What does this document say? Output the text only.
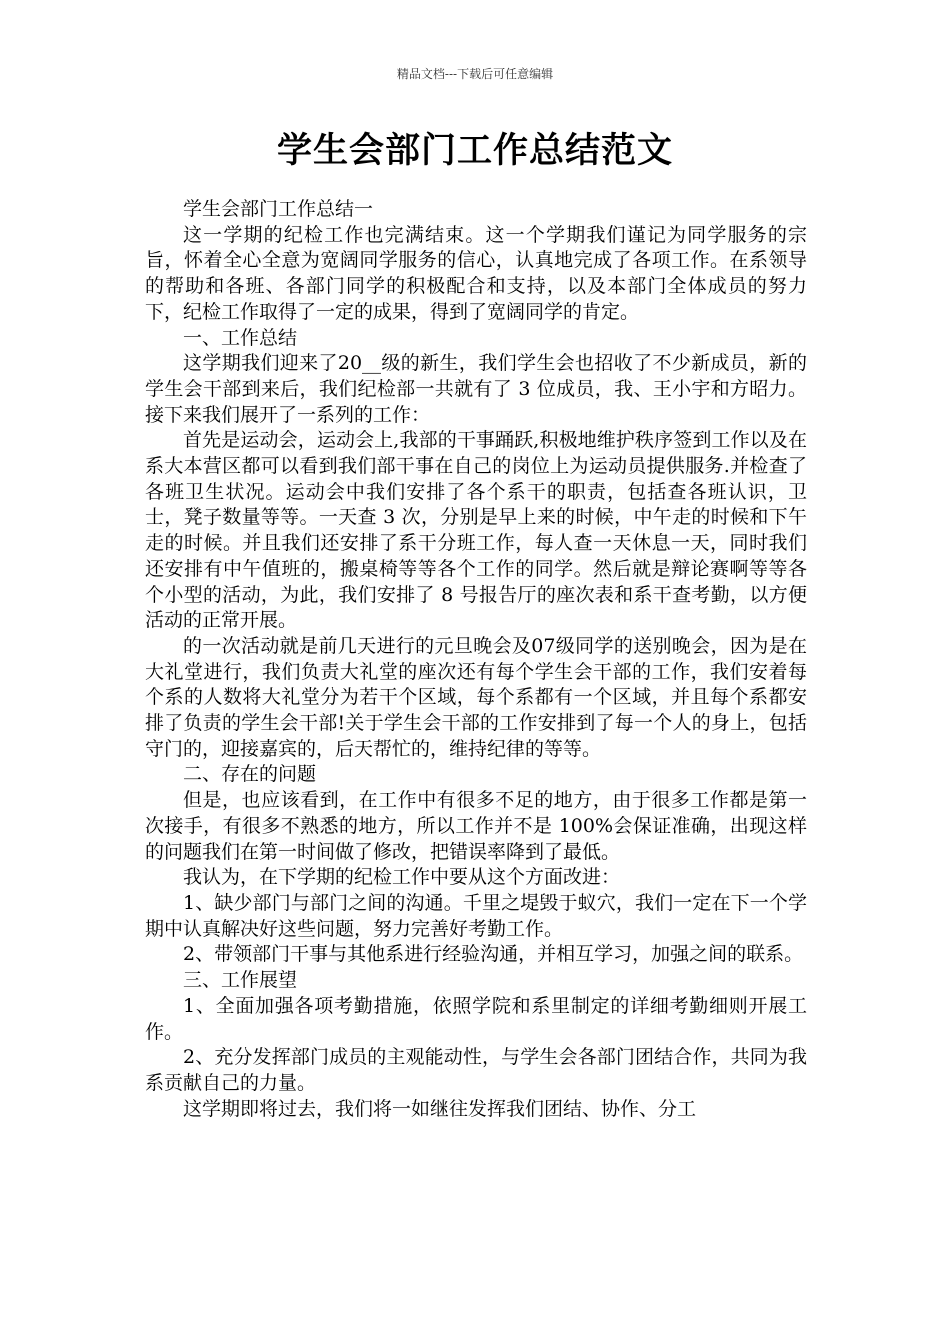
精品文档---下载后可任意编辑
学生会部门工作总结范文

学生会部门工作总结一

这一学期的纪检工作也完满结束。这一个学期我们谨记为同学服务的宗旨，怀着全心全意为宽阔同学服务的信心，认真地完成了各项工作。在系领导的帮助和各班、各部门同学的积极配合和支持，以及本部门全体成员的努力下，纪检工作取得了一定的成果，得到了宽阔同学的肯定。

一、工作总结

这学期我们迎来了20__级的新生，我们学生会也招收了不少新成员，新的学生会干部到来后，我们纪检部一共就有了 3 位成员，我、王小宇和方昭力。接下来我们展开了一系列的工作：

首先是运动会，运动会上,我部的干事踊跃,积极地维护秩序签到工作以及在系大本营区都可以看到我们部干事在自己的岗位上为运动员提供服务.并检查了各班卫生状况。运动会中我们安排了各个系干的职责，包括查各班认识，卫士，凳子数量等等。一天查 3 次，分别是早上来的时候，中午走的时候和下午走的时候。并且我们还安排了系干分班工作，每人查一天休息一天，同时我们还安排有中午值班的，搬桌椅等等各个工作的同学。然后就是辩论赛啊等等各个小型的活动，为此，我们安排了 8 号报告厅的座次表和系干查考勤，以方便活动的正常开展。

的一次活动就是前几天进行的元旦晚会及07级同学的送别晚会，因为是在大礼堂进行，我们负责大礼堂的座次还有每个学生会干部的工作，我们安着每个系的人数将大礼堂分为若干个区域，每个系都有一个区域，并且每个系都安排了负责的学生会干部!关于学生会干部的工作安排到了每一个人的身上，包括守门的，迎接嘉宾的，后天帮忙的，维持纪律的等等。

二、存在的问题

但是，也应该看到，在工作中有很多不足的地方，由于很多工作都是第一次接手，有很多不熟悉的地方，所以工作并不是 100%会保证准确，出现这样的问题我们在第一时间做了修改，把错误率降到了最低。

我认为，在下学期的纪检工作中要从这个方面改进：

1、缺少部门与部门之间的沟通。千里之堤毁于蚁穴，我们一定在下一个学期中认真解决好这些问题，努力完善好考勤工作。

2、带领部门干事与其他系进行经验沟通，并相互学习，加强之间的联系。

三、工作展望

1、全面加强各项考勤措施，依照学院和系里制定的详细考勤细则开展工作。

2、充分发挥部门成员的主观能动性，与学生会各部门团结合作，共同为我系贡献自己的力量。

这学期即将过去，我们将一如继往发挥我们团结、协作、分工
